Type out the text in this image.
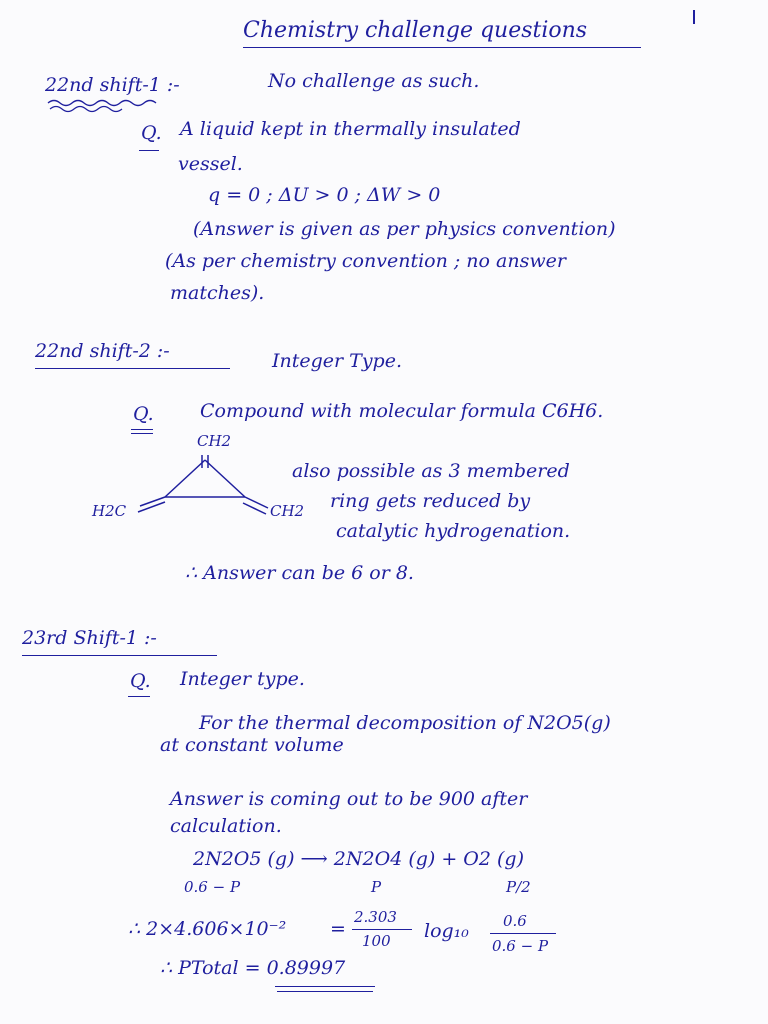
Chemistry challenge questions
22nd shift-1 :-	No challenge as such.
Q. A liquid kept in thermally insulated
vessel.
q = 0 ; ΔU > 0 ; ΔW > 0
(Answer is given as per physics convention)
(As per chemistry convention ; no answer
matches).
22nd shift-2 :-	Integer Type.
Q. Compound with molecular formula C6H6.
CH2
H2C	CH2
also possible as 3 membered
ring gets reduced by
catalytic hydrogenation.
∴ Answer can be 6 or 8.
23rd Shift-1 :-
Q. Integer type.
For the thermal decomposition of N2O5(g)
at constant volume
Answer is coming out to be 900 after
calculation.
2N2O5 (g) ⟶ 2N2O4 (g) + O2 (g)
0.6 − P	P	P/2
∴ 2×4.606×10⁻² =
2.303
100 log₁₀ 0.6
0.6 − P
∴ PTotal = 0.89997
